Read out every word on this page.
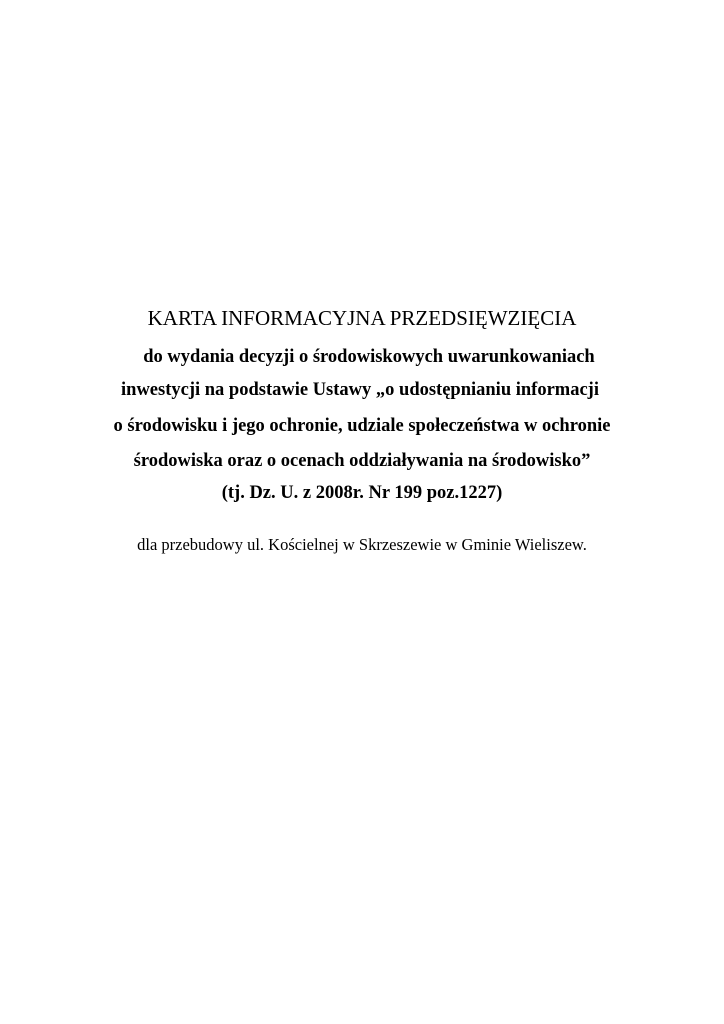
KARTA INFORMACYJNA PRZEDSIĘWZIĘCIA
do wydania decyzji o środowiskowych uwarunkowaniach
inwestycji na podstawie Ustawy „o udostępnianiu informacji
o środowisku i jego ochronie, udziale społeczeństwa w ochronie
środowiska oraz o ocenach oddziaływania na środowisko”
(tj. Dz. U. z 2008r. Nr 199 poz.1227)
dla przebudowy ul. Kościelnej w Skrzeszewie w Gminie Wieliszew.
